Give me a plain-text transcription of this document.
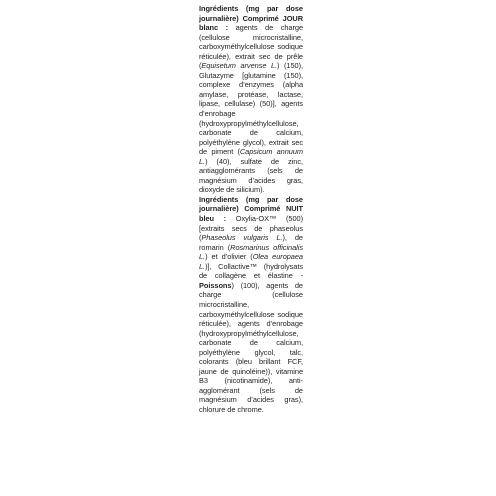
Ingrédients (mg par dose journalière) Comprimé JOUR blanc : agents de charge (cellulose microcristalline, carboxyméthylcellulose sodique réticulée), extrait sec de prêle (Equisetum arvense L.) (150), Glutazyme [glutamine (150), complexe d’enzymes (alpha amylase, protéase, lactase, lipase, cellulase) (50)], agents d’enrobage (hydroxypropylméthylcellulose, carbonate de calcium, polyéthylène glycol), extrait sec de piment (Capsicum annuum L.) (40), sulfate de zinc, antiagglomérants (sels de magnésium d’acides gras, dioxyde de silicium).

Ingrédients (mg par dose journalière) Comprimé NUIT bleu : Oxylia-OX™ (500) [extraits secs de phaseolus (Phaseolus vulgaris L.), de romarin (Rosmarinus officinalis L.) et d’olivier (Olea europaea L.)], Collactive™ (hydrolysats de collagène et élastine - Poissons) (100), agents de charge (cellulose microcristalline, carboxyméthylcellulose sodique réticulée), agents d’enrobage (hydroxypropylméthylcellulose, carbonate de calcium, polyéthylène glycol, talc, colorants (bleu brillant FCF, jaune de quinoléine)), vitamine B3 (nicotinamide), anti-agglomérant (sels de magnésium d’acides gras), chlorure de chrome.
